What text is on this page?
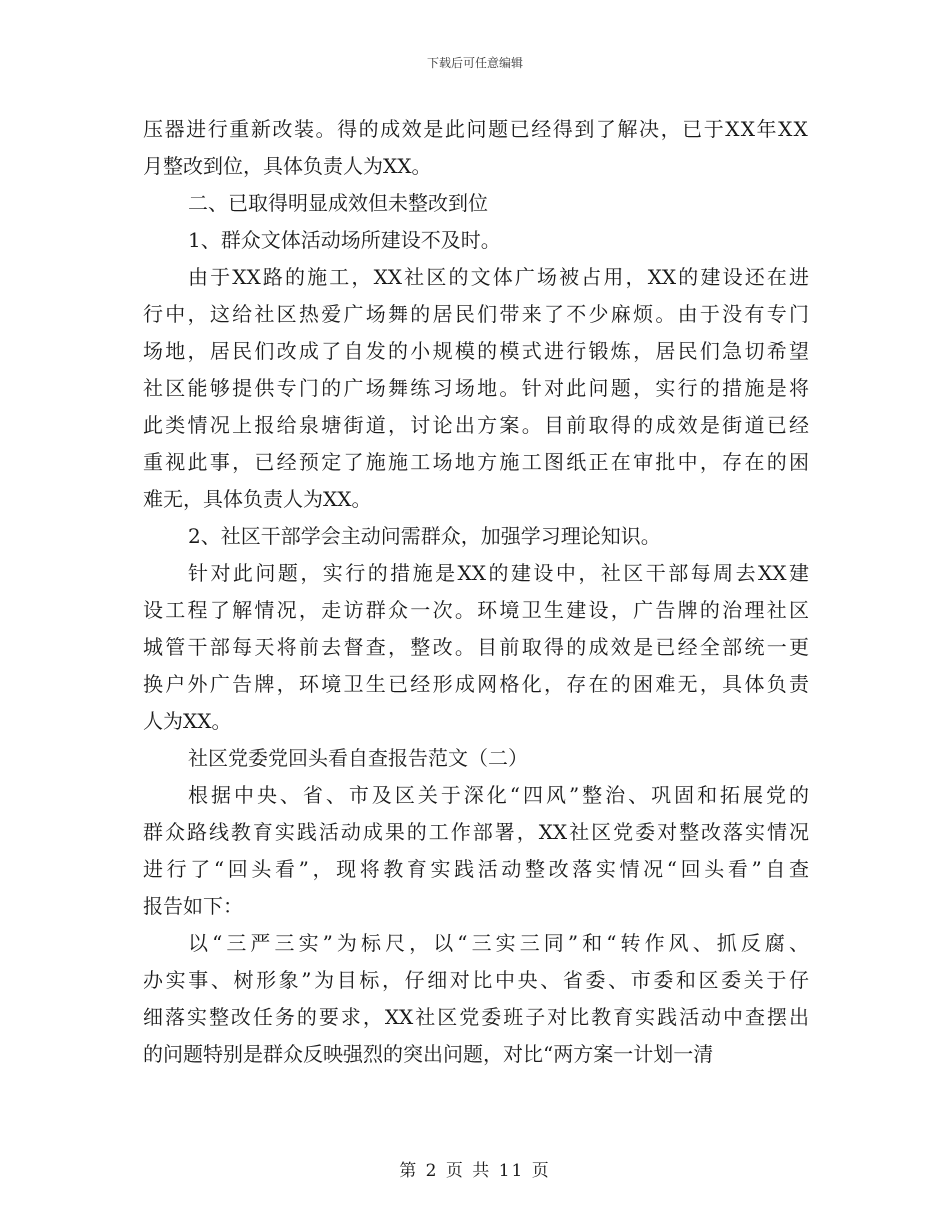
下载后可任意编辑
压器进行重新改装。得的成效是此问题已经得到了解决，已于XX年XX
月整改到位，具体负责人为XX。
二、已取得明显成效但未整改到位
1、群众文体活动场所建设不及时。
由于XX路的施工，XX社区的文体广场被占用，XX的建设还在进
行中，这给社区热爱广场舞的居民们带来了不少麻烦。由于没有专门
场地，居民们改成了自发的小规模的模式进行锻炼，居民们急切希望
社区能够提供专门的广场舞练习场地。针对此问题，实行的措施是将
此类情况上报给泉塘街道，讨论出方案。目前取得的成效是街道已经
重视此事，已经预定了施施工场地方施工图纸正在审批中，存在的困
难无，具体负责人为XX。
2、社区干部学会主动问需群众，加强学习理论知识。
针对此问题，实行的措施是XX的建设中，社区干部每周去XX建
设工程了解情况，走访群众一次。环境卫生建设，广告牌的治理社区
城管干部每天将前去督查，整改。目前取得的成效是已经全部统一更
换户外广告牌，环境卫生已经形成网格化，存在的困难无，具体负责
人为XX。
社区党委党回头看自查报告范文（二）
根据中央、省、市及区关于深化“四风”整治、巩固和拓展党的
群众路线教育实践活动成果的工作部署，XX社区党委对整改落实情况
进行了“回头看”，现将教育实践活动整改落实情况“回头看”自查
报告如下：
以“三严三实”为标尺，以“三实三同”和“转作风、抓反腐、
办实事、树形象”为目标，仔细对比中央、省委、市委和区委关于仔
细落实整改任务的要求，XX社区党委班子对比教育实践活动中查摆出
的问题特别是群众反映强烈的突出问题，对比“两方案一计划一清
第 2 页 共 11 页
